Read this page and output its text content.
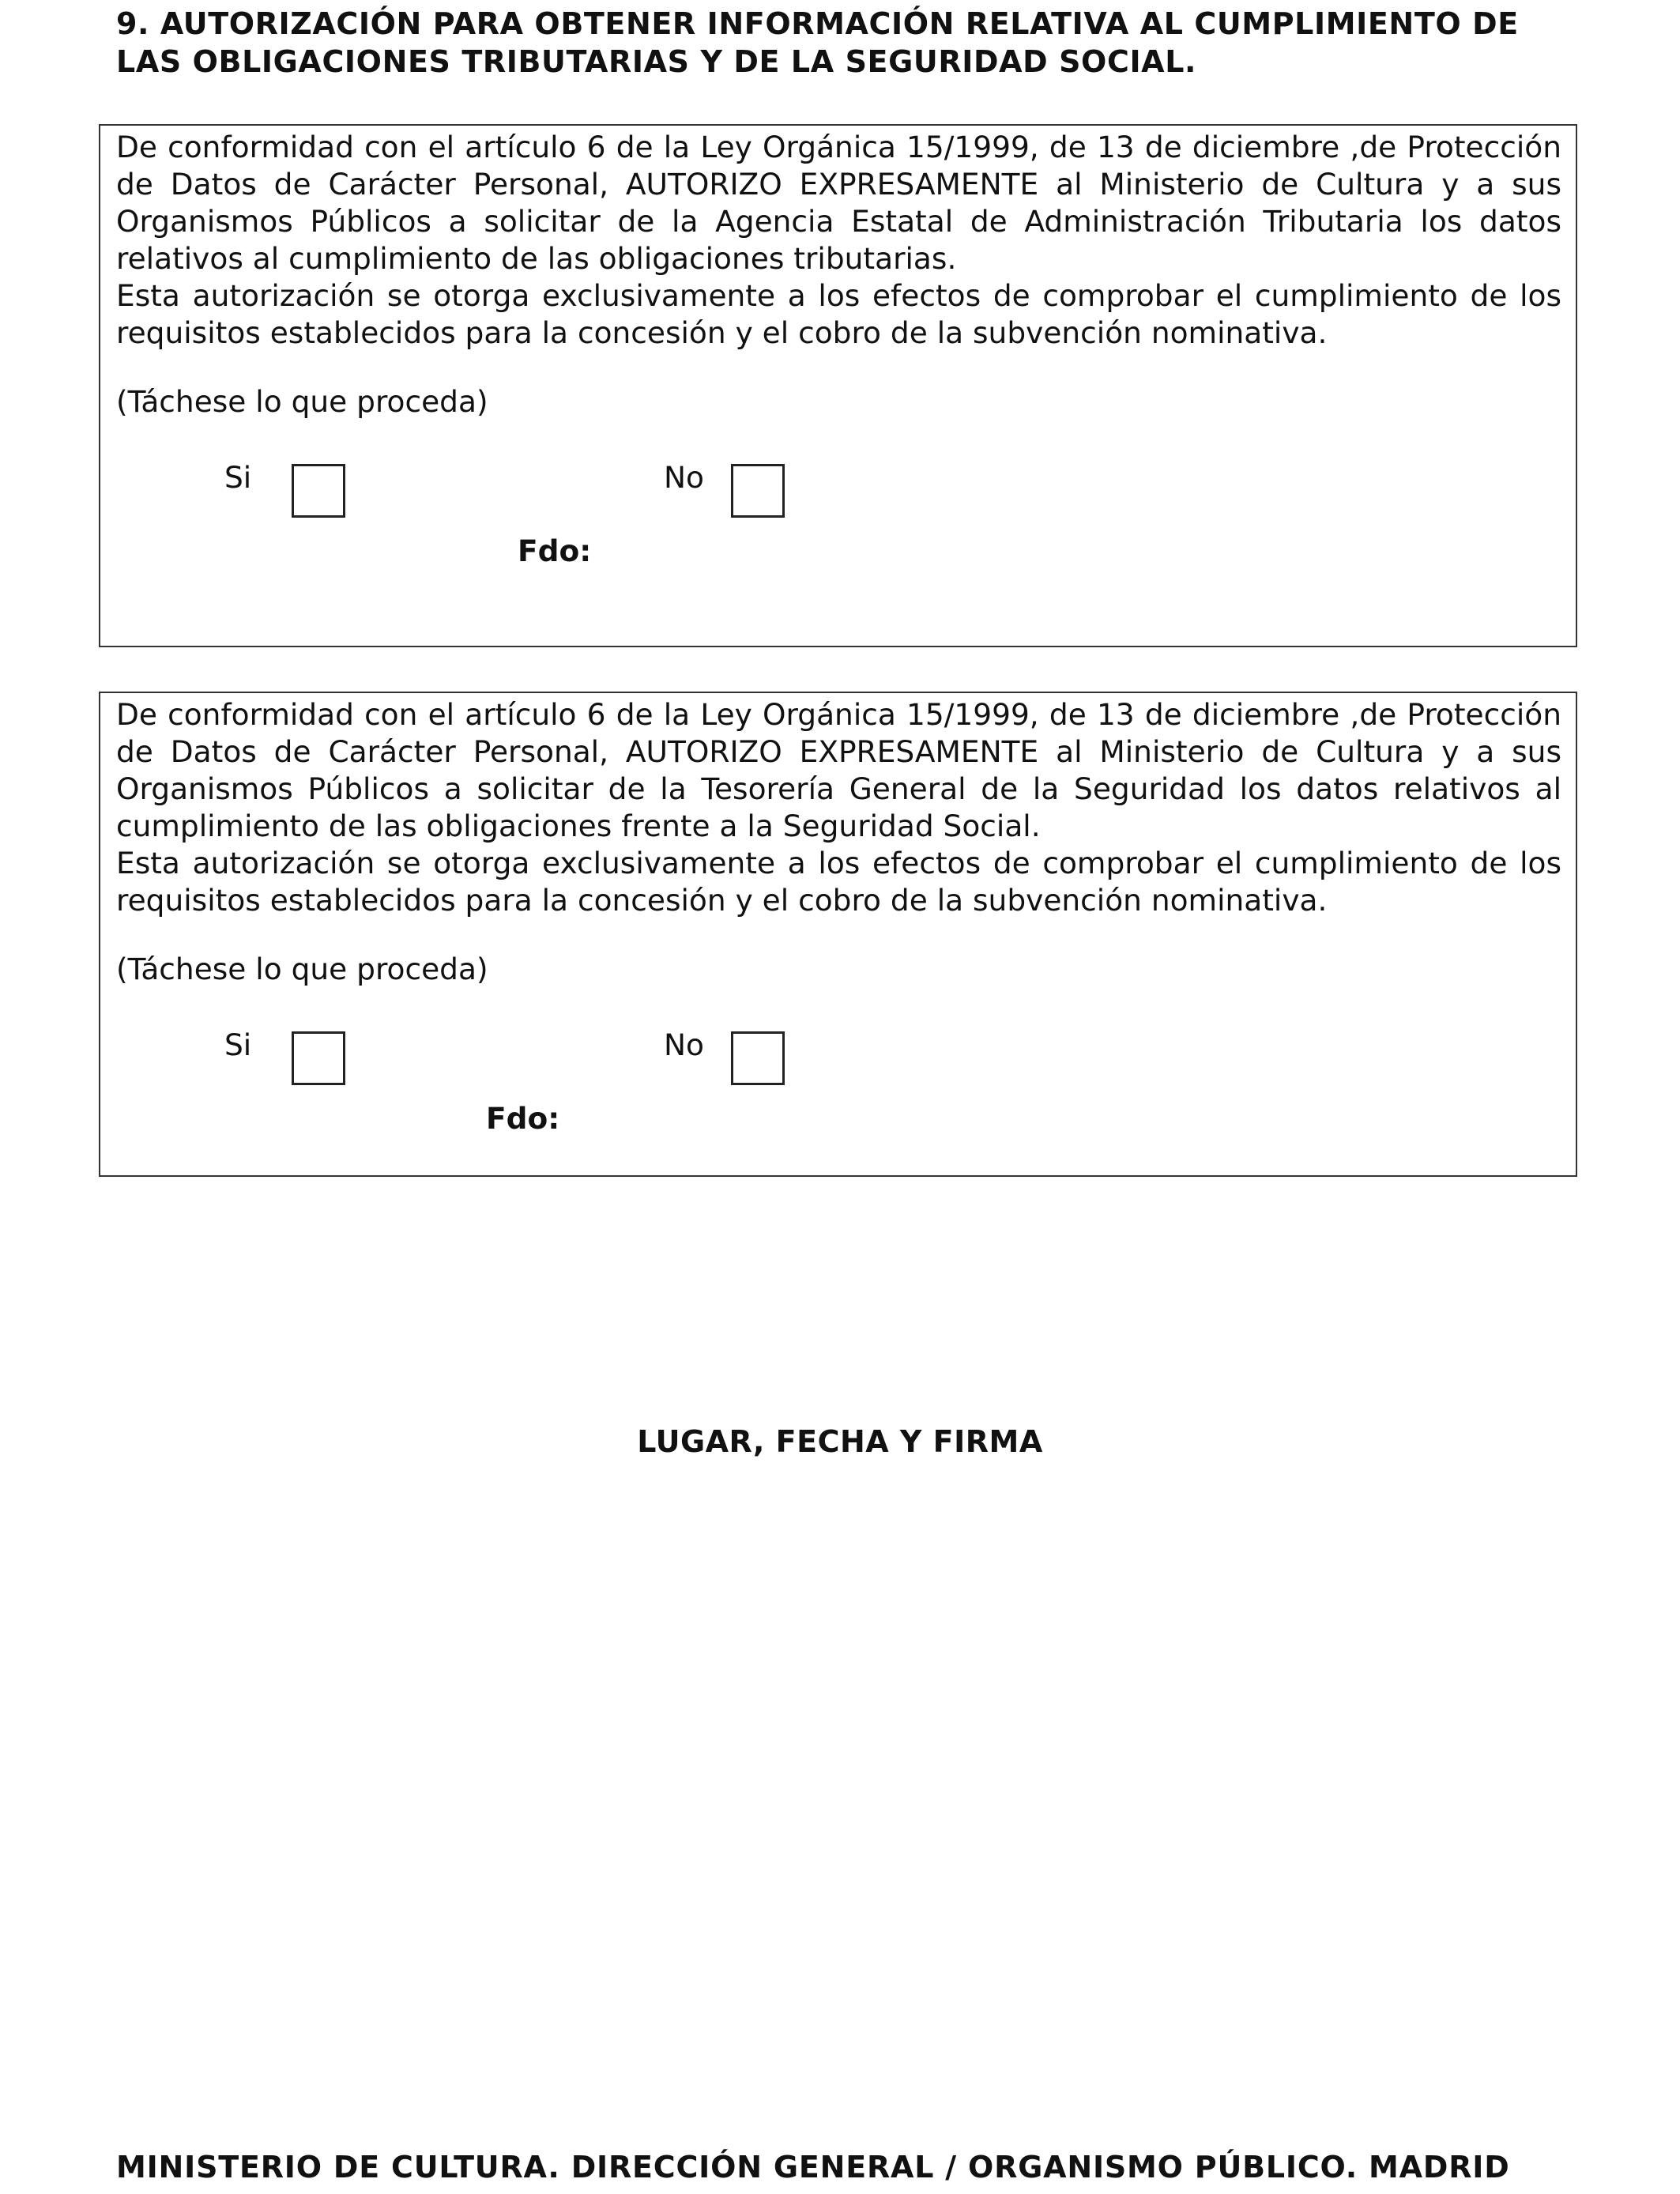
9. AUTORIZACIÓN PARA OBTENER INFORMACIÓN RELATIVA AL CUMPLIMIENTO DE
LAS OBLIGACIONES TRIBUTARIAS Y DE LA SEGURIDAD SOCIAL.

De conformidad con el artículo 6 de la Ley Orgánica 15/1999, de 13 de diciembre ,de Protección de Datos de Carácter Personal, AUTORIZO EXPRESAMENTE al Ministerio de Cultura y a sus Organismos Públicos a solicitar de la Agencia Estatal de Administración Tributaria los datos relativos al cumplimiento de las obligaciones tributarias.

Esta autorización se otorga exclusivamente a los efectos de comprobar el cumplimiento de los requisitos establecidos para la concesión y el cobro de la subvención nominativa.

(Táchese lo que proceda)
Si	No
Fdo:

De conformidad con el artículo 6 de la Ley Orgánica 15/1999, de 13 de diciembre ,de Protección de Datos de Carácter Personal, AUTORIZO EXPRESAMENTE al Ministerio de Cultura y a sus Organismos Públicos a solicitar de la Tesorería General de la Seguridad los datos relativos al cumplimiento de las obligaciones frente a la Seguridad Social.

Esta autorización se otorga exclusivamente a los efectos de comprobar el cumplimiento de los requisitos establecidos para la concesión y el cobro de la subvención nominativa.

(Táchese lo que proceda)
Si	No
Fdo:
LUGAR, FECHA Y FIRMA
MINISTERIO DE CULTURA. DIRECCIÓN GENERAL / ORGANISMO PÚBLICO. MADRID
